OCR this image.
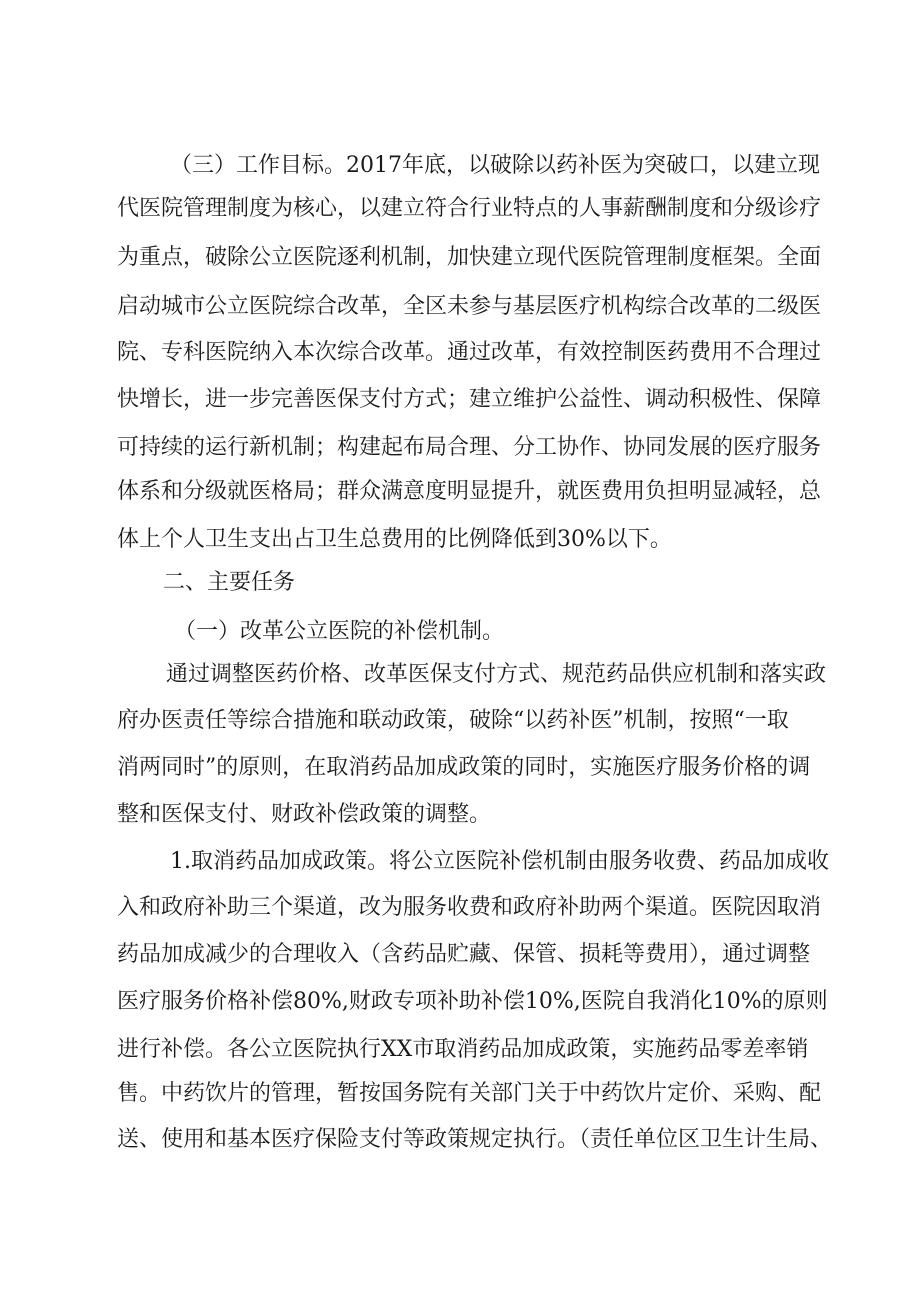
（三）工作目标。2017年底，以破除以药补医为突破口，以建立现
代医院管理制度为核心，以建立符合行业特点的人事薪酬制度和分级诊疗
为重点，破除公立医院逐利机制，加快建立现代医院管理制度框架。全面
启动城市公立医院综合改革，全区未参与基层医疗机构综合改革的二级医
院、专科医院纳入本次综合改革。通过改革，有效控制医药费用不合理过
快增长，进一步完善医保支付方式；建立维护公益性、调动积极性、保障
可持续的运行新机制；构建起布局合理、分工协作、协同发展的医疗服务
体系和分级就医格局；群众满意度明显提升，就医费用负担明显减轻，总
体上个人卫生支出占卫生总费用的比例降低到30%以下。
二、主要任务
（一）改革公立医院的补偿机制。
通过调整医药价格、改革医保支付方式、规范药品供应机制和落实政
府办医责任等综合措施和联动政策，破除“以药补医”机制，按照“一取
消两同时”的原则，在取消药品加成政策的同时，实施医疗服务价格的调
整和医保支付、财政补偿政策的调整。
1.取消药品加成政策。将公立医院补偿机制由服务收费、药品加成收
入和政府补助三个渠道，改为服务收费和政府补助两个渠道。医院因取消
药品加成减少的合理收入（含药品贮藏、保管、损耗等费用），通过调整
医疗服务价格补偿80%,财政专项补助补偿10%,医院自我消化10%的原则
进行补偿。各公立医院执行XX市取消药品加成政策，实施药品零差率销
售。中药饮片的管理，暂按国务院有关部门关于中药饮片定价、采购、配
送、使用和基本医疗保险支付等政策规定执行。（责任单位区卫生计生局、
